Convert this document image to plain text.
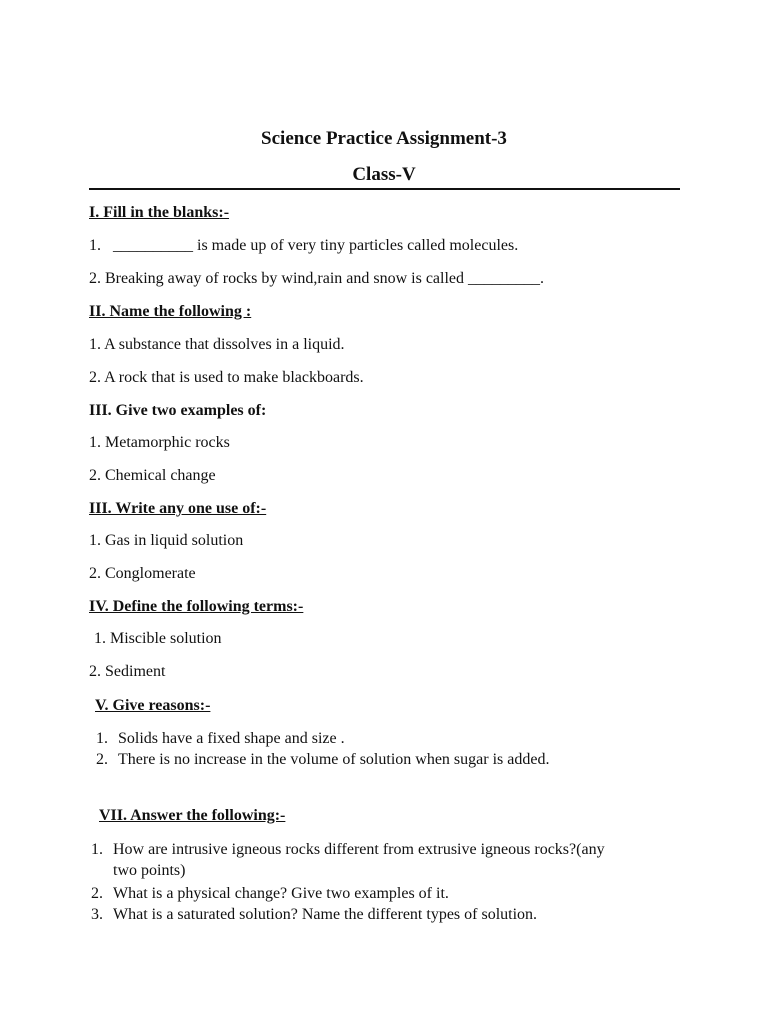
Science Practice Assignment-3
Class-V
I. Fill in the blanks:-
1. __________ is made up of very tiny particles called molecules.
2. Breaking away of rocks by wind,rain and snow is called _________.
II. Name the following :
1. A substance that dissolves in a liquid.
2. A rock that is used to make blackboards.
III. Give two examples of:
1. Metamorphic rocks
2. Chemical change
III. Write any one use of:-
1. Gas in liquid solution
2. Conglomerate
IV. Define the following terms:-
1. Miscible solution
2. Sediment
V. Give reasons:-
1. Solids have a fixed shape and size .
2. There is no increase in the volume of solution when sugar is added.
VII. Answer the following:-
1. How are intrusive igneous rocks different from extrusive igneous rocks?(any
two points)
2. What is a physical change? Give two examples of it.
3. What is a saturated solution? Name the different types of solution.
